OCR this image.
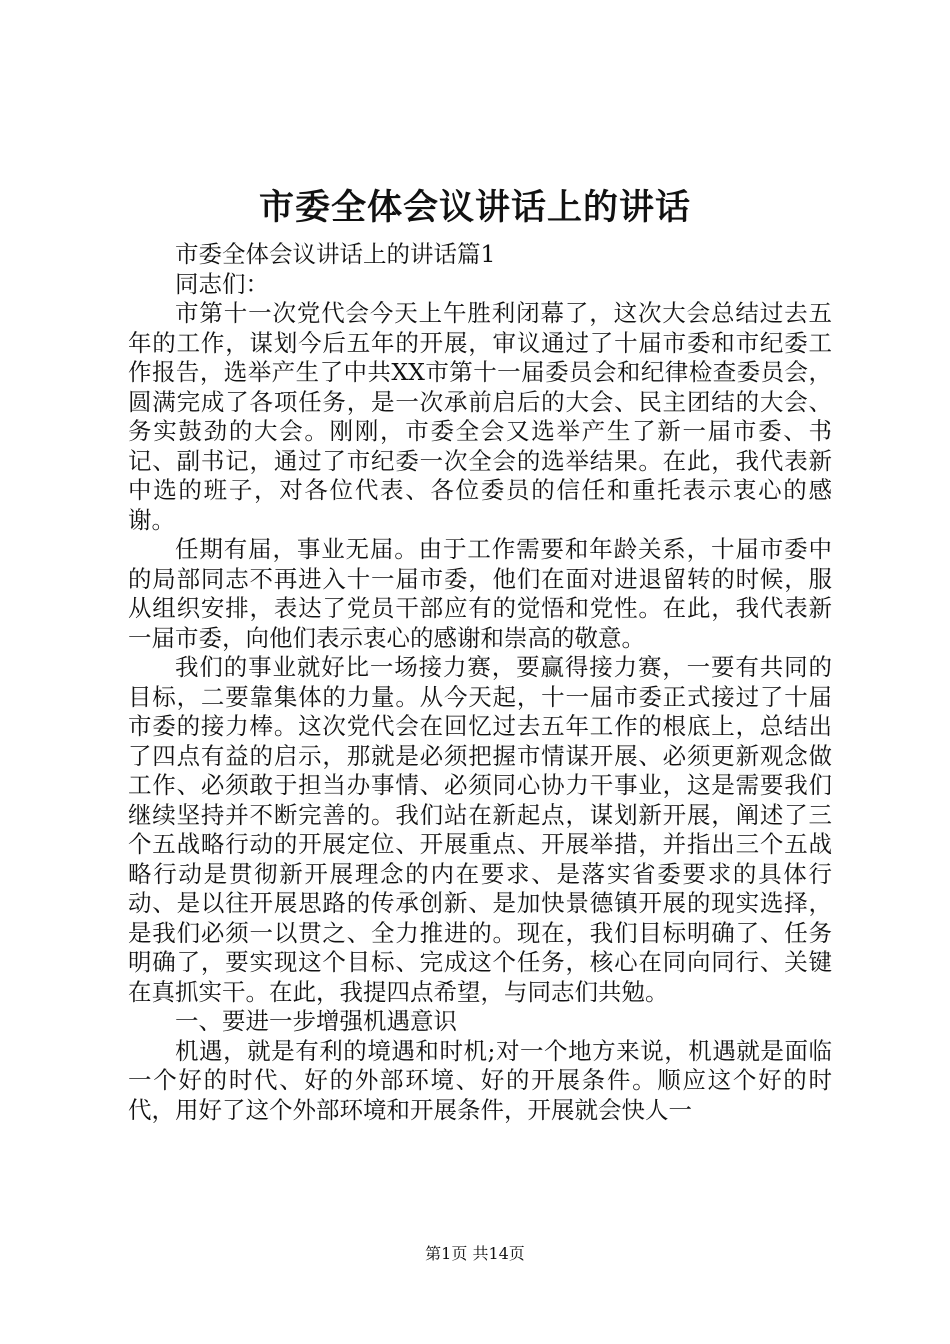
市委全体会议讲话上的讲话

市委全体会议讲话上的讲话篇1

同志们：

市第十一次党代会今天上午胜利闭幕了，这次大会总结过去五年的工作，谋划今后五年的开展，审议通过了十届市委和市纪委工作报告，选举产生了中共XX市第十一届委员会和纪律检查委员会，圆满完成了各项任务，是一次承前启后的大会、民主团结的大会、务实鼓劲的大会。刚刚，市委全会又选举产生了新一届市委、书记、副书记，通过了市纪委一次全会的选举结果。在此，我代表新中选的班子，对各位代表、各位委员的信任和重托表示衷心的感谢。

任期有届，事业无届。由于工作需要和年龄关系，十届市委中的局部同志不再进入十一届市委，他们在面对进退留转的时候，服从组织安排，表达了党员干部应有的觉悟和党性。在此，我代表新一届市委，向他们表示衷心的感谢和崇高的敬意。

我们的事业就好比一场接力赛，要赢得接力赛，一要有共同的目标，二要靠集体的力量。从今天起，十一届市委正式接过了十届市委的接力棒。这次党代会在回忆过去五年工作的根底上，总结出了四点有益的启示，那就是必须把握市情谋开展、必须更新观念做工作、必须敢于担当办事情、必须同心协力干事业，这是需要我们继续坚持并不断完善的。我们站在新起点，谋划新开展，阐述了三个五战略行动的开展定位、开展重点、开展举措，并指出三个五战略行动是贯彻新开展理念的内在要求、是落实省委要求的具体行动、是以往开展思路的传承创新、是加快景德镇开展的现实选择，是我们必须一以贯之、全力推进的。现在，我们目标明确了、任务明确了，要实现这个目标、完成这个任务，核心在同向同行、关键在真抓实干。在此，我提四点希望，与同志们共勉。

一、要进一步增强机遇意识

机遇，就是有利的境遇和时机;对一个地方来说，机遇就是面临一个好的时代、好的外部环境、好的开展条件。顺应这个好的时代，用好了这个外部环境和开展条件，开展就会快人一

第1页 共14页
